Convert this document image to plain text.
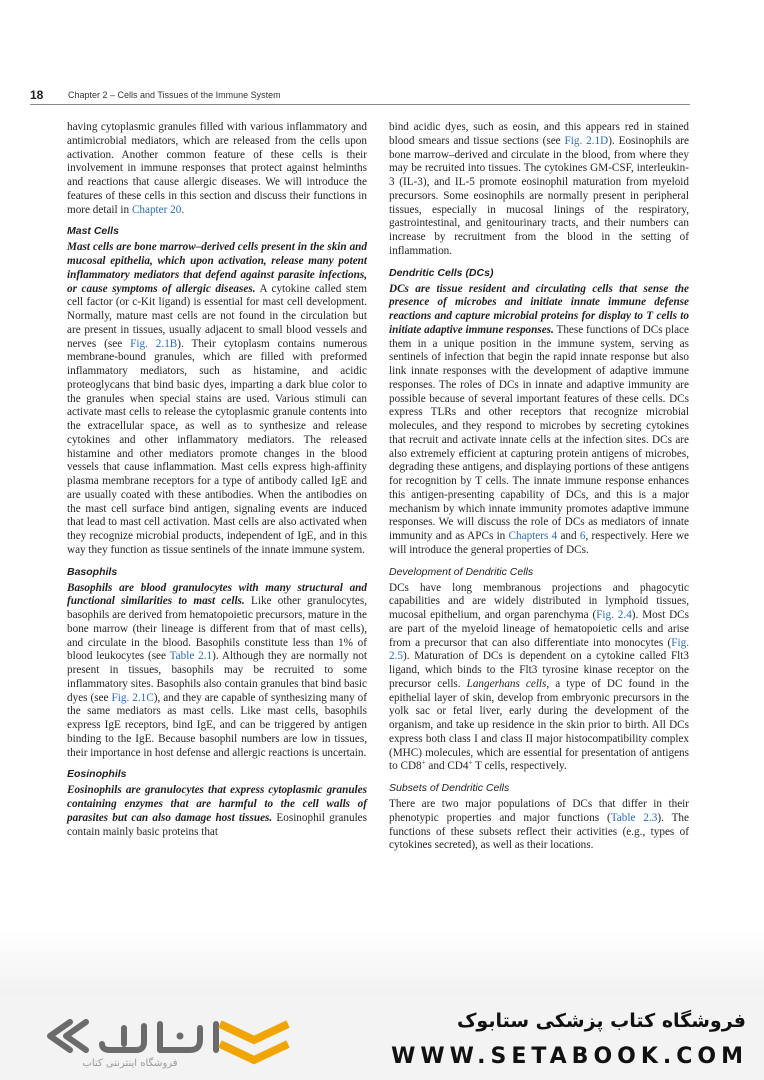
18	Chapter 2 – Cells and Tissues of the Immune System

having cytoplasmic granules filled with various inflammatory and antimicrobial mediators, which are released from the cells upon activation. Another common feature of these cells is their involvement in immune responses that protect against helminths and reactions that cause allergic diseases. We will introduce the features of these cells in this section and discuss their functions in more detail in Chapter 20.

Mast Cells

Mast cells are bone marrow–derived cells present in the skin and mucosal epithelia, which upon activation, release many potent inflammatory mediators that defend against parasite infections, or cause symptoms of allergic diseases. A cytokine called stem cell factor (or c-Kit ligand) is essential for mast cell development. Normally, mature mast cells are not found in the circulation but are present in tissues, usually adjacent to small blood vessels and nerves (see Fig. 2.1B). Their cytoplasm contains numerous membrane-bound granules, which are filled with preformed inflammatory mediators, such as histamine, and acidic proteoglycans that bind basic dyes, imparting a dark blue color to the granules when special stains are used. Various stimuli can activate mast cells to release the cytoplasmic granule contents into the extracellular space, as well as to synthesize and release cytokines and other inflammatory mediators. The released histamine and other mediators promote changes in the blood vessels that cause inflammation. Mast cells express high-affinity plasma membrane receptors for a type of antibody called IgE and are usually coated with these antibodies. When the antibodies on the mast cell surface bind antigen, signaling events are induced that lead to mast cell activation. Mast cells are also activated when they recognize microbial products, independent of IgE, and in this way they function as tissue sentinels of the innate immune system.

Basophils

Basophils are blood granulocytes with many structural and functional similarities to mast cells. Like other granulocytes, basophils are derived from hematopoietic precursors, mature in the bone marrow (their lineage is different from that of mast cells), and circulate in the blood. Basophils constitute less than 1% of blood leukocytes (see Table 2.1). Although they are normally not present in tissues, basophils may be recruited to some inflammatory sites. Basophils also contain granules that bind basic dyes (see Fig. 2.1C), and they are capable of synthesizing many of the same mediators as mast cells. Like mast cells, basophils express IgE receptors, bind IgE, and can be triggered by antigen binding to the IgE. Because basophil numbers are low in tissues, their importance in host defense and allergic reactions is uncertain.

Eosinophils

Eosinophils are granulocytes that express cytoplasmic granules containing enzymes that are harmful to the cell walls of parasites but can also damage host tissues. Eosinophil granules contain mainly basic proteins that

bind acidic dyes, such as eosin, and this appears red in stained blood smears and tissue sections (see Fig. 2.1D). Eosinophils are bone marrow–derived and circulate in the blood, from where they may be recruited into tissues. The cytokines GM-CSF, interleukin-3 (IL-3), and IL-5 promote eosinophil maturation from myeloid precursors. Some eosinophils are normally present in peripheral tissues, especially in mucosal linings of the respiratory, gastrointestinal, and genitourinary tracts, and their numbers can increase by recruitment from the blood in the setting of inflammation.

Dendritic Cells (DCs)

DCs are tissue resident and circulating cells that sense the presence of microbes and initiate innate immune defense reactions and capture microbial proteins for display to T cells to initiate adaptive immune responses. These functions of DCs place them in a unique position in the immune system, serving as sentinels of infection that begin the rapid innate response but also link innate responses with the development of adaptive immune responses. The roles of DCs in innate and adaptive immunity are possible because of several important features of these cells. DCs express TLRs and other receptors that recognize microbial molecules, and they respond to microbes by secreting cytokines that recruit and activate innate cells at the infection sites. DCs are also extremely efficient at capturing protein antigens of microbes, degrading these antigens, and displaying portions of these antigens for recognition by T cells. The innate immune response enhances this antigen-presenting capability of DCs, and this is a major mechanism by which innate immunity promotes adaptive immune responses. We will discuss the role of DCs as mediators of innate immunity and as APCs in Chapters 4 and 6, respectively. Here we will introduce the general properties of DCs.

Development of Dendritic Cells

DCs have long membranous projections and phagocytic capabilities and are widely distributed in lymphoid tissues, mucosal epithelium, and organ parenchyma (Fig. 2.4). Most DCs are part of the myeloid lineage of hematopoietic cells and arise from a precursor that can also differentiate into monocytes (Fig. 2.5). Maturation of DCs is dependent on a cytokine called Flt3 ligand, which binds to the Flt3 tyrosine kinase receptor on the precursor cells. Langerhans cells, a type of DC found in the epithelial layer of skin, develop from embryonic precursors in the yolk sac or fetal liver, early during the development of the organism, and take up residence in the skin prior to birth. All DCs express both class I and class II major histocompatibility complex (MHC) molecules, which are essential for presentation of antigens to CD8+ and CD4+ T cells, respectively.

Subsets of Dendritic Cells

There are two major populations of DCs that differ in their phenotypic properties and major functions (Table 2.3). The functions of these subsets reflect their activities (e.g., types of cytokines secreted), as well as their locations.

فروشگاه اینترنتی کتاب
فروشگاه کتاب پزشکی ستابوک
WWW.SETABOOK.COM
